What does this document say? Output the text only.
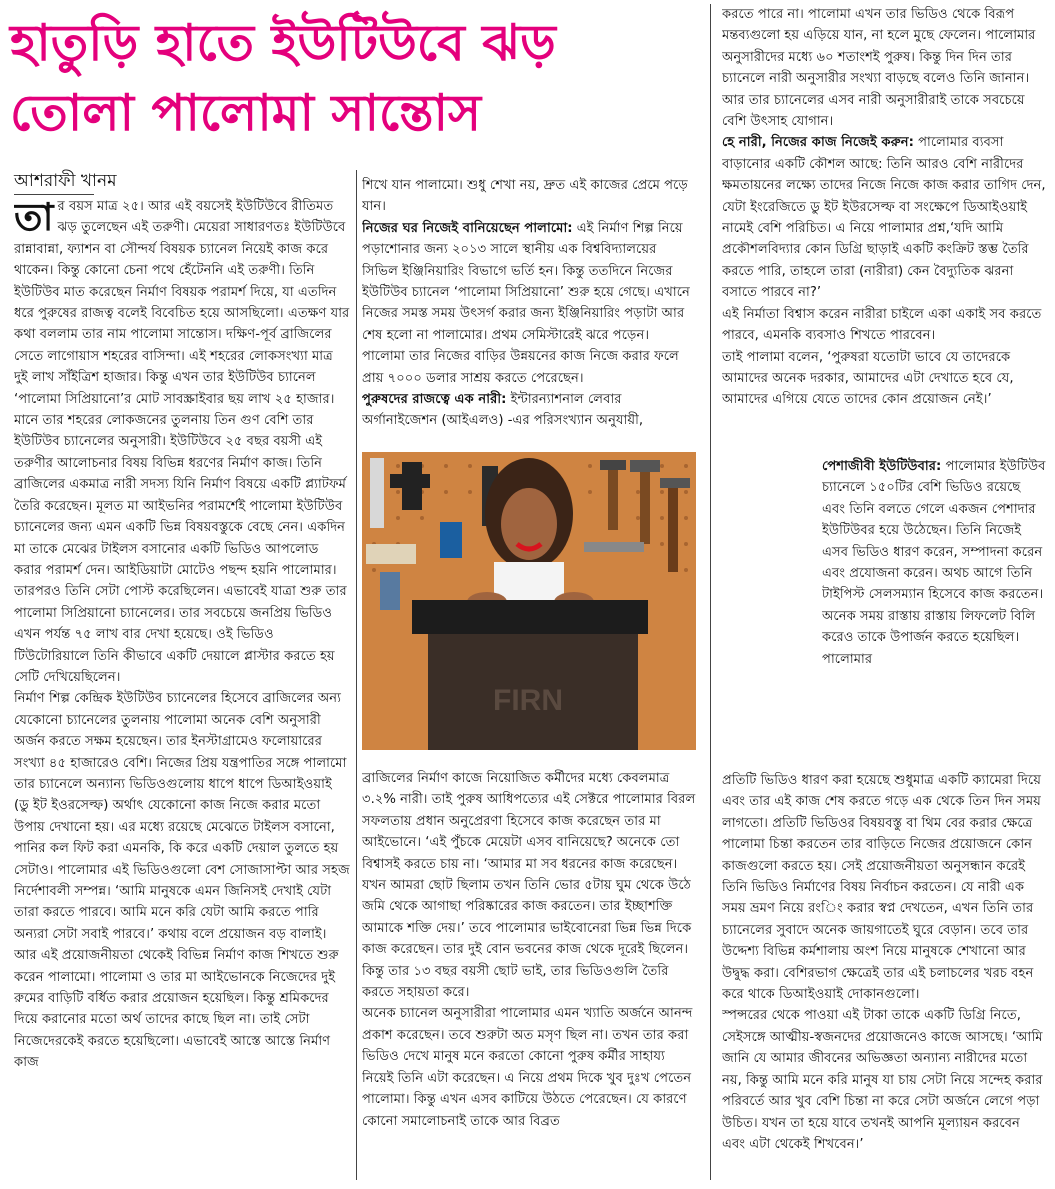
হাতুড়ি হাতে ইউটিউবে ঝড়
তোলা পালোমা সান্তোস
আশরাফী খানম

তার বয়স মাত্র ২৫। আর এই বয়সেই ইউটিউবে রীতিমত ঝড় তুলেছেন এই তরুণী। মেয়েরা সাধারণতঃ ইউটিউবে রান্নাবান্না, ফ্যাশন বা সৌন্দর্য বিষয়ক চ্যানেল নিয়েই কাজ করে থাকেন। কিন্তু কোনো চেনা পথে হেঁটেননি এই তরুণী। তিনি ইউটিউব মাত করেছেন নির্মাণ বিষয়ক পরামর্শ দিয়ে, যা এতদিন ধরে পুরুষের রাজত্ব বলেই বিবেচিত হয়ে আসছিলো। এতক্ষণ যার কথা বললাম তার নাম পালোমা সান্তোস। দক্ষিণ-পূর্ব ব্রাজিলের সেতে লাগোয়াস শহরের বাসিন্দা। এই শহরের লোকসংখ্যা মাত্র দুই লাখ সাঁইত্রিশ হাজার। কিন্তু এখন তার ইউটিউব চ্যানেল ‘পালোমা সিপ্রিয়ানো’র মোট সাবস্ক্রাইবার ছয় লাখ ২৫ হাজার। মানে তার শহরের লোকজনের তুলনায় তিন গুণ বেশি তার ইউটিউব চ্যানেলের অনুসারী। ইউটিউবে ২৫ বছর বয়সী এই তরুণীর আলোচনার বিষয় বিভিন্ন ধরণের নির্মাণ কাজ। তিনি ব্রাজিলের একমাত্র নারী সদস্য যিনি নির্মাণ বিষয়ে একটি প্ল্যাটফর্ম তৈরি করেছেন। মূলত মা আইভনির পরামর্শেই পালোমা ইউটিউব চ্যানেলের জন্য এমন একটি ভিন্ন বিষয়বস্তুকে বেছে নেন। একদিন মা তাকে মেঝের টাইলস বসানোর একটি ভিডিও আপলোড করার পরামর্শ দেন। আইডিয়াটা মোটেও পছন্দ হয়নি পালোমার। তারপরও তিনি সেটা পোস্ট করেছিলেন। এভাবেই যাত্রা শুরু তার পালোমা সিপ্রিয়ানো চ্যানেলের। তার সবচেয়ে জনপ্রিয় ভিডিও এখন পর্যন্ত ৭৫ লাখ বার দেখা হয়েছে। ওই ভিডিও টিউটোরিয়ালে তিনি কীভাবে একটি দেয়ালে প্লাস্টার করতে হয় সেটি দেখিয়েছিলেন।

নির্মাণ শিল্প কেন্দ্রিক ইউটিউব চ্যানেলের হিসেবে ব্রাজিলের অন্য যেকোনো চ্যানেলের তুলনায় পালোমা অনেক বেশি অনুসারী অর্জন করতে সক্ষম হয়েছেন। তার ইনস্টাগ্রামেও ফলোয়ারের সংখ্যা ৪৫ হাজারেও বেশি। নিজের প্রিয় যন্ত্রপাতির সঙ্গে পালামো তার চ্যানেলে অন্যান্য ভিডিওগুলোয় ধাপে ধাপে ডিআইওয়াই (ডু ইট ইওরসেল্ফ) অর্থাৎ যেকোনো কাজ নিজে করার মতো উপায় দেখানো হয়। এর মধ্যে রয়েছে মেঝেতে টাইলস বসানো, পানির কল ফিট করা এমনকি, কি করে একটি দেয়াল তুলতে হয় সেটাও। পালোমার এই ভিডিওগুলো বেশ সোজাসাপ্টা আর সহজ নির্দেশাবলী সম্পন্ন। ‘আমি মানুষকে এমন জিনিসই দেখাই যেটা তারা করতে পারবে। আমি মনে করি যেটা আমি করতে পারি অন্যরা সেটা সবাই পারবে।’ কথায় বলে প্রয়োজন বড় বালাই। আর এই প্রয়োজনীয়তা থেকেই বিভিন্ন নির্মাণ কাজ শিখতে শুরু করেন পালামো। পালোমা ও তার মা আইভোনকে নিজেদের দুই রুমের বাড়িটি বর্ধিত করার প্রয়োজন হয়েছিল। কিন্তু শ্রমিকদের দিয়ে করানোর মতো অর্থ তাদের কাছে ছিল না। তাই সেটা নিজেদেরকেই করতে হয়েছিলো। এভাবেই আস্তে আস্তে নির্মাণ কাজ

শিখে যান পালামো। শুধু শেখা নয়, দ্রুত এই কাজের প্রেমে পড়ে যান।

নিজের ঘর নিজেই বানিয়েছেন পালামো: এই নির্মাণ শিল্প নিয়ে পড়াশোনার জন্য ২০১৩ সালে স্থানীয় এক বিশ্ববিদ্যালয়ের সিভিল ইঞ্জিনিয়ারিং বিভাগে ভর্তি হন। কিন্তু ততদিনে নিজের ইউটিউব চ্যানেল ‘পালোমা সিপ্রিয়ানো’ শুরু হয়ে গেছে। এখানে নিজের সমস্ত সময় উৎসর্গ করার জন্য ইঞ্জিনিয়ারিং পড়াটা আর শেষ হলো না পালামোর। প্রথম সেমিস্টারেই ঝরে পড়েন। পালোমা তার নিজের বাড়ির উন্নয়নের কাজ নিজে করার ফলে প্রায় ৭০০০ ডলার সাশ্রয় করতে পেরেছেন।

পুরুষদের রাজত্বে এক নারী: ইন্টারন্যাশনাল লেবার অর্গানাইজেশন (আইএলও) -এর পরিসংখ্যান অনুযায়ী,

FIRN

ব্রাজিলের নির্মাণ কাজে নিয়োজিত কর্মীদের মধ্যে কেবলমাত্র ৩.২% নারী। তাই পুরুষ আধিপত্যের এই সেক্টরে পালোমার বিরল সফলতায় প্রধান অনুপ্রেরণা হিসেবে কাজ করেছেন তার মা আইভোনে। ‘এই পুঁচকে মেয়েটা এসব বানিয়েছে? অনেকে তো বিশ্বাসই করতে চায় না। ‘আমার মা সব ধরনের কাজ করেছেন। যখন আমরা ছোট ছিলাম তখন তিনি ভোর ৫টায় ঘুম থেকে উঠে জমি থেকে আগাছা পরিষ্কারের কাজ করতেন। তার ইচ্ছাশক্তি আমাকে শক্তি দেয়।’ তবে পালোমার ভাইবোনেরা ভিন্ন ভিন্ন দিকে কাজ করেছেন। তার দুই বোন ভবনের কাজ থেকে দূরেই ছিলেন। কিন্তু তার ১৩ বছর বয়সী ছোট ভাই, তার ভিডিওগুলি তৈরি করতে সহায়তা করে।

অনেক চ্যানেল অনুসারীরা পালোমার এমন খ্যাতি অর্জনে আনন্দ প্রকাশ করেছেন। তবে শুরুটা অত মসৃণ ছিল না। তখন তার করা ভিডিও দেখে মানুষ মনে করতো কোনো পুরুষ কর্মীর সাহায্য নিয়েই তিনি এটা করেছেন। এ নিয়ে প্রথম দিকে খুব দুঃখ পেতেন পালোমা। কিন্তু এখন এসব কাটিয়ে উঠতে পেরেছেন। যে কারণে কোনো সমালোচনাই তাকে আর বিব্রত

করতে পারে না। পালোমা এখন তার ভিডিও থেকে বিরূপ মন্তব্যগুলো হয় এড়িয়ে যান, না হলে মুছে ফেলেন। পালোমার অনুসারীদের মধ্যে ৬০ শতাংশই পুরুষ। কিন্তু দিন দিন তার চ্যানেলে নারী অনুসারীর সংখ্যা বাড়ছে বলেও তিনি জানান। আর তার চ্যানেলের এসব নারী অনুসারীরাই তাকে সবচেয়ে বেশি উৎসাহ যোগান।

হে নারী, নিজের কাজ নিজেই করুন: পালোমার ব্যবসা বাড়ানোর একটি কৌশল আছে: তিনি আরও বেশি নারীদের ক্ষমতায়নের লক্ষ্যে তাদের নিজে নিজে কাজ করার তাগিদ দেন, যেটা ইংরেজিতে ডু ইট ইউরসেল্ফ বা সংক্ষেপে ডিআইওয়াই নামেই বেশি পরিচিত। এ নিয়ে পালামার প্রশ্ন,‘যদি আমি প্রকৌশলবিদ্যার কোন ডিগ্রি ছাড়াই একটি কংক্রিট স্তম্ভ তৈরি করতে পারি, তাহলে তারা (নারীরা) কেন বৈদ্যুতিক ঝরনা বসাতে পারবে না?’

এই নির্মাতা বিশ্বাস করেন নারীরা চাইলে একা একাই সব করতে পারবে, এমনকি ব্যবসাও শিখতে পারবেন।

তাই পালামা বলেন, ‘পুরুষরা যতোটা ভাবে যে তাদেরকে আমাদের অনেক দরকার, আমাদের এটা দেখাতে হবে যে, আমাদের এগিয়ে যেতে তাদের কোন প্রয়োজন নেই।’

পেশাজীবী ইউটিউবার: পালোমার ইউটিউব চ্যানেলে ১৫০টির বেশি ভিডিও রয়েছে এবং তিনি বলতে গেলে একজন পেশাদার ইউটিউবর হয়ে উঠেছেন। তিনি নিজেই এসব ভিডিও ধারণ করেন, সম্পাদনা করেন এবং প্রযোজনা করেন। অথচ আগে তিনি টাইপিস্ট সেলসম্যান হিসেবে কাজ করতেন। অনেক সময় রাস্তায় রাস্তায় লিফলেট বিলি করেও তাকে উপার্জন করতে হয়েছিল। পালোমার

প্রতিটি ভিডিও ধারণ করা হয়েছে শুধুমাত্র একটি ক্যামেরা দিয়ে এবং তার এই কাজ শেষ করতে গড়ে এক থেকে তিন দিন সময় লাগতো। প্রতিটি ভিডিওর বিষয়বস্তু বা থিম বের করার ক্ষেত্রে পালোমা চিন্তা করতেন তার বাড়িতে নিজের প্রয়োজনে কোন কাজগুলো করতে হয়। সেই প্রয়োজনীয়তা অনুসন্ধান করেই তিনি ভিডিও নির্মাণের বিষয় নির্বাচন করতেন। যে নারী এক সময় ভ্রমণ নিয়ে রংিং করার স্বপ্ন দেখতেন, এখন তিনি তার চ্যানেলের সুবাদে অনেক জায়গাতেই ঘুরে বেড়ান। তবে তার উদ্দেশ্য বিভিন্ন কর্মশালায় অংশ নিয়ে মানুষকে শেখানো আর উদ্বুদ্ধ করা। বেশিরভাগ ক্ষেত্রেই তার এই চলাচলের খরচ বহন করে থাকে ডিআইওয়াই দোকানগুলো।

স্পন্সরের থেকে পাওয়া এই টাকা তাকে একটি ডিগ্রি নিতে, সেইসঙ্গে আত্মীয়-স্বজনদের প্রয়োজনেও কাজে আসছে। ‘আমি জানি যে আমার জীবনের অভিজ্ঞতা অন্যান্য নারীদের মতো নয়, কিন্তু আমি মনে করি মানুষ যা চায় সেটা নিয়ে সন্দেহ করার পরিবর্তে আর খুব বেশি চিন্তা না করে সেটা অর্জনে লেগে পড়া উচিত। যখন তা হয়ে যাবে তখনই আপনি মূল্যায়ন করবেন এবং এটা থেকেই শিখবেন।’
